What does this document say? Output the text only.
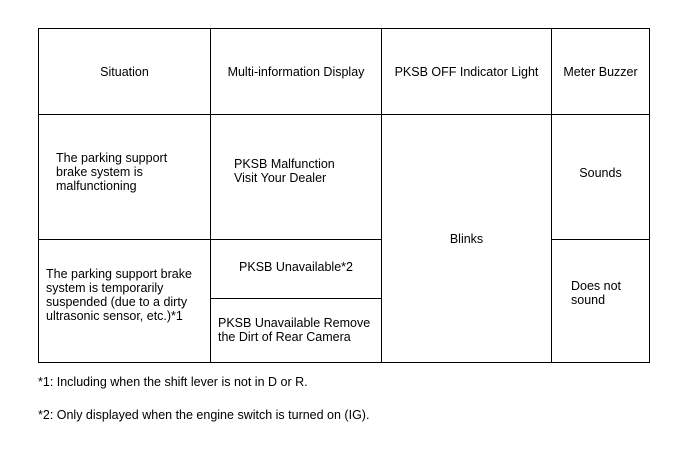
Situation	Multi-information Display	PKSB OFF Indicator Light	Meter Buzzer

The parking support brake system is malfunctioning	PKSB Malfunction Visit Your Dealer	Blinks	Sounds

The parking support brake system is temporarily suspended (due to a dirty ultrasonic sensor, etc.)*1	PKSB Unavailable*2		Does not sound

	PKSB Unavailable Remove the Dirt of Rear Camera		
*1: Including when the shift lever is not in D or R.
*2: Only displayed when the engine switch is turned on (IG).
